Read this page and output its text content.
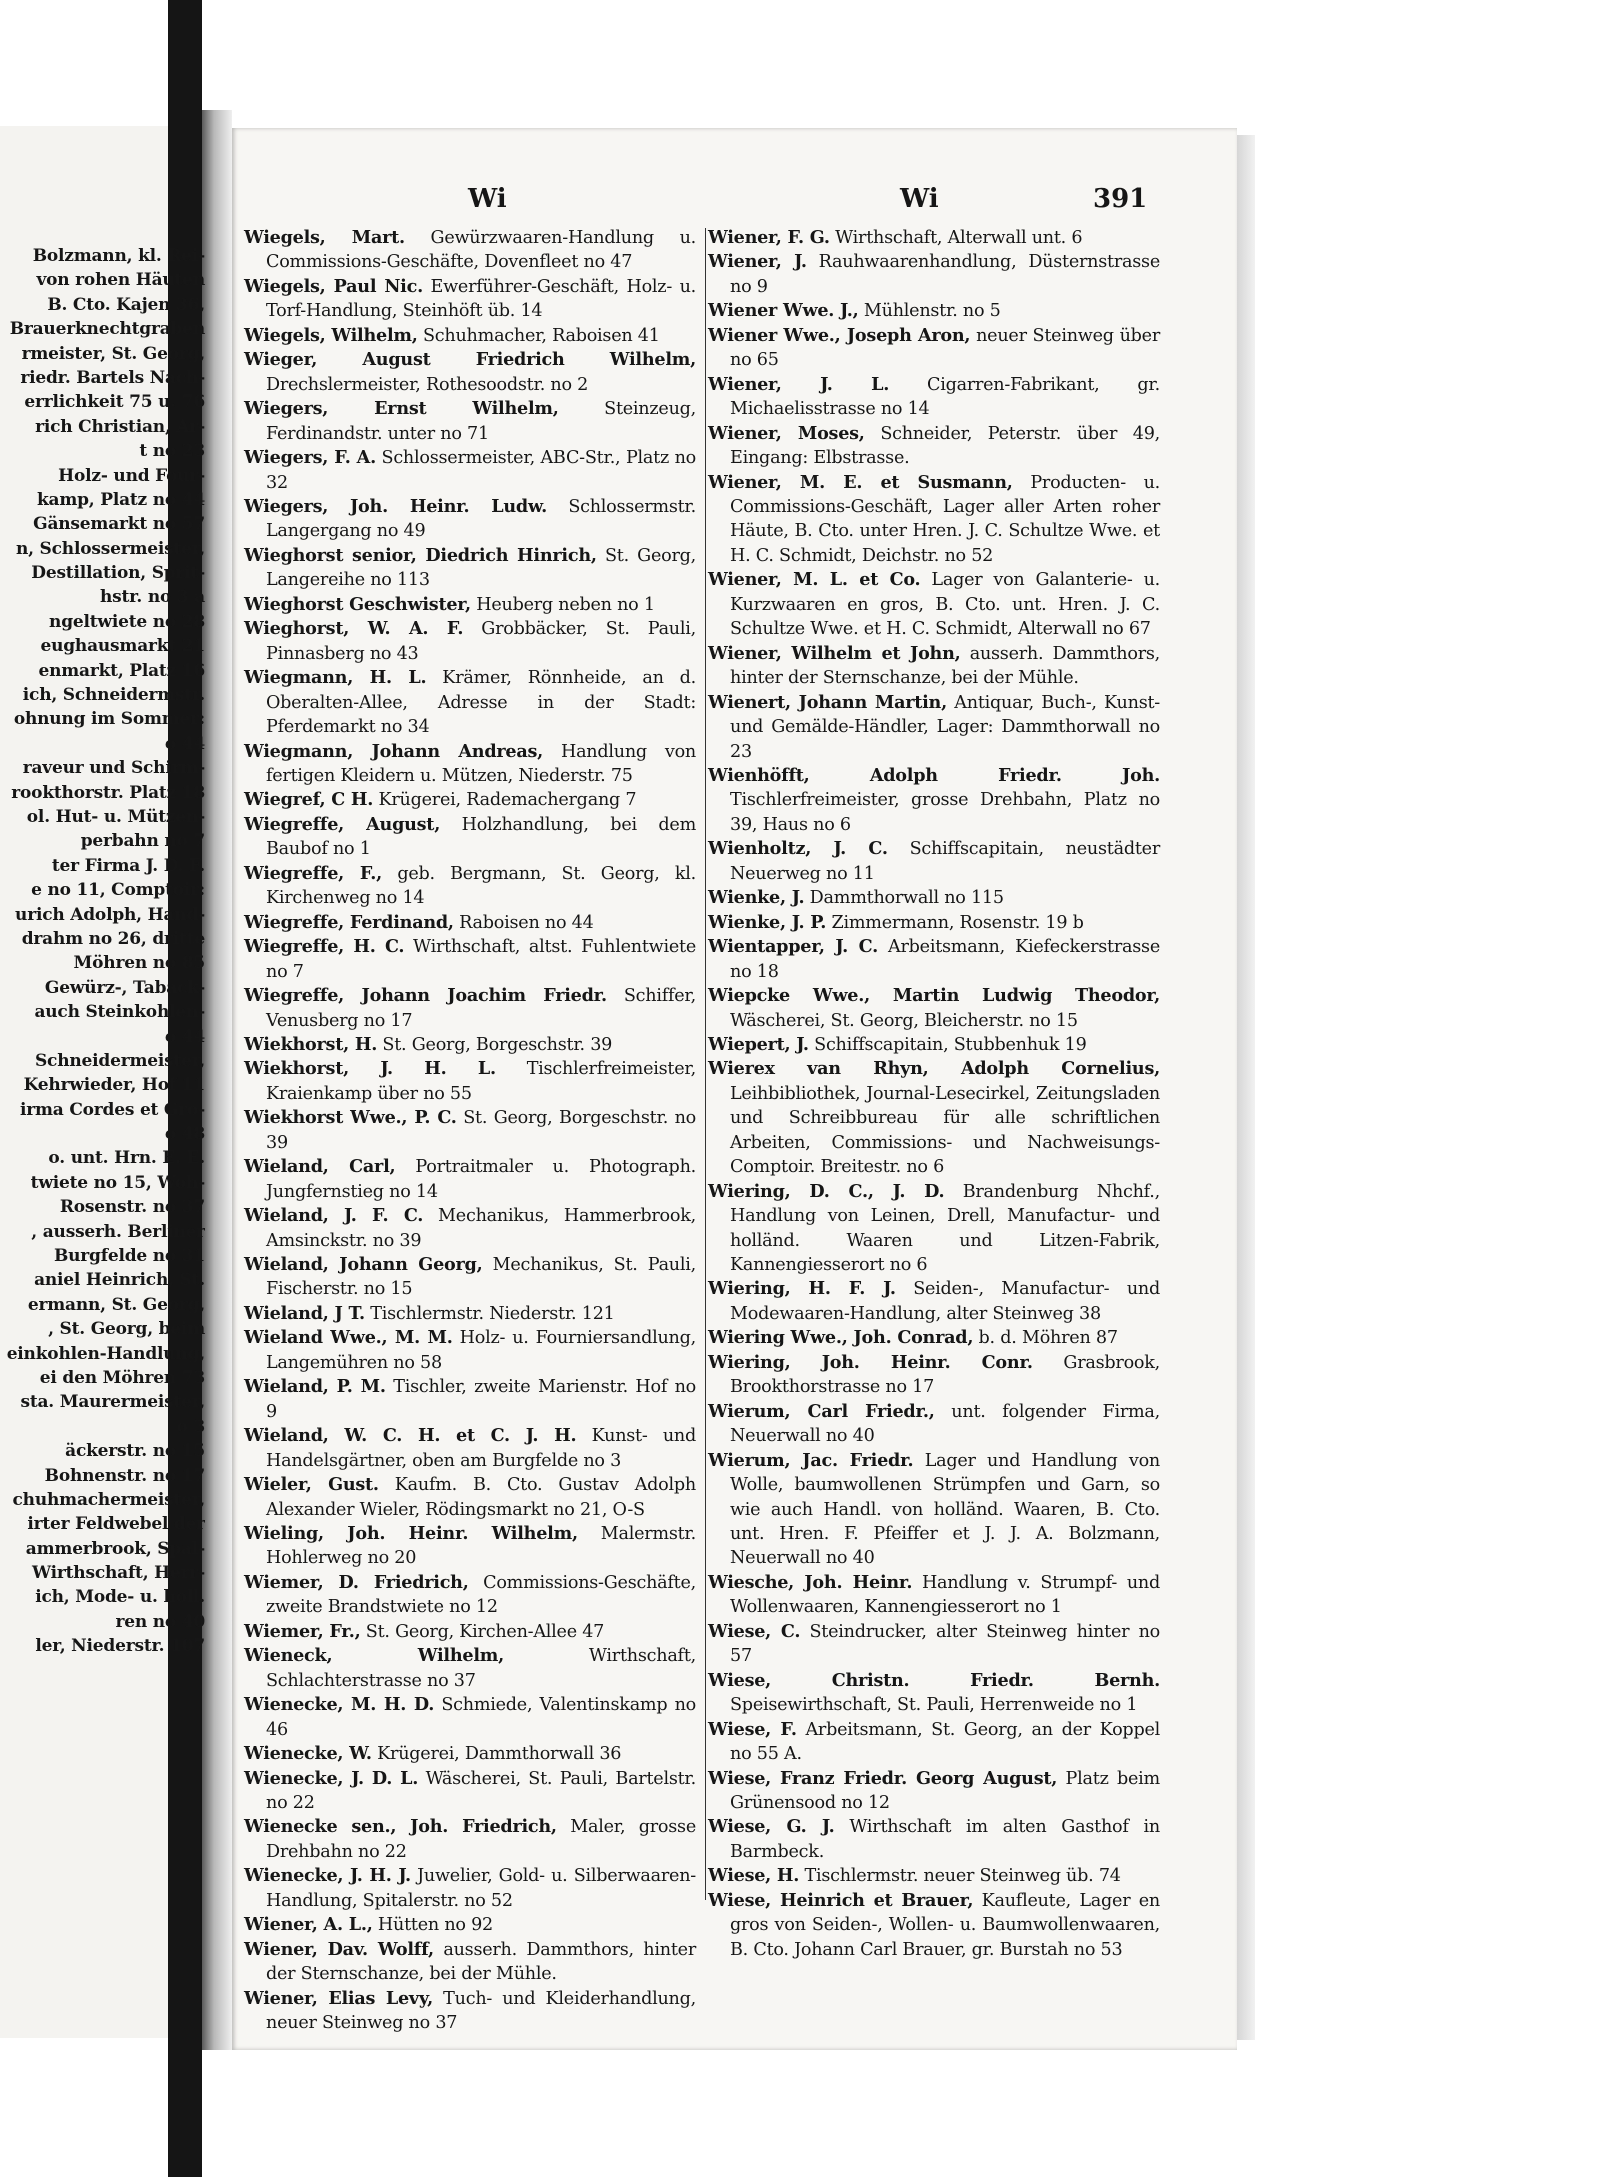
Bolzmann, kl. Rei-
von rohen Häuten
B. Cto. Kajen 36,
Brauerknechtgraben
rmeister, St. Georg,
riedr. Bartels Nach-
errlichkeit 75 u. 76
rich Christian, Ar-
t no 23
Holz- und Four-
kamp, Platz no 44
Gänsemarkt no 57
n, Schlossermeister,
Destillation, Sprit-
hstr. no 3 a
ngeltwiete no 28
eughausmarkt 21
enmarkt, Platz 16
ich, Schneidermstr.
ohnung im Sommer:
o 44
raveur und Schirm-
rookthorstr. Platz 18
ol. Hut- u. Mützen-
perbahn no 7
ter Firma J. D. F.
e no 11, Comptoir:
urich Adolph, Hand-
drahm no 26, dritte
Möhren no 85
Gewürz-, Taback-
auch Steinkohlen-
o 44
Schneidermeister,
Kehrwieder, Hof 11
irma Cordes et Gro-
o 48
o. unt. Hrn. E. E.
twiete no 15, Woh-
Rosenstr. no 37
, ausserh. Berliner
Burgfelde no 31
aniel Heinrich, St.
ermann, St. Georg,
, St. Georg, beim
einkohlen-Handlung,
ei den Möhren 73
sta. Maurermeister,
o 3
äckerstr. no 15
Bohnenstr. no 17
chuhmachermeister,
irter Feldwebel der
ammerbrook, Spal-
Wirthschaft, Herr-
ich, Mode- u. holl.
ren no 40
ler, Niederstr. 107
Wi	Wi	391
Wiegels, Mart. Gewürzwaaren-Handlung u. Commissions-Geschäfte, Dovenfleet no 47
Wiegels, Paul Nic. Ewerführer-Geschäft, Holz- u. Torf-Handlung, Steinhöft üb. 14
Wiegels, Wilhelm, Schuhmacher, Raboisen 41
Wieger, August Friedrich Wilhelm, Drechslermeister, Rothesoodstr. no 2
Wiegers, Ernst Wilhelm, Steinzeug, Ferdinandstr. unter no 71
Wiegers, F. A. Schlossermeister, ABC-Str., Platz no 32
Wiegers, Joh. Heinr. Ludw. Schlossermstr. Langergang no 49
Wieghorst senior, Diedrich Hinrich, St. Georg, Langereihe no 113
Wieghorst Geschwister, Heuberg neben no 1
Wieghorst, W. A. F. Grobbäcker, St. Pauli, Pinnasberg no 43
Wiegmann, H. L. Krämer, Rönnheide, an d. Oberalten-Allee, Adresse in der Stadt: Pferdemarkt no 34
Wiegmann, Johann Andreas, Handlung von fertigen Kleidern u. Mützen, Niederstr. 75
Wiegref, C H. Krügerei, Rademachergang 7
Wiegreffe, August, Holzhandlung, bei dem Baubof no 1
Wiegreffe, F., geb. Bergmann, St. Georg, kl. Kirchenweg no 14
Wiegreffe, Ferdinand, Raboisen no 44
Wiegreffe, H. C. Wirthschaft, altst. Fuhlentwiete no 7
Wiegreffe, Johann Joachim Friedr. Schiffer, Venusberg no 17
Wiekhorst, H. St. Georg, Borgeschstr. 39
Wiekhorst, J. H. L. Tischlerfreimeister, Kraienkamp über no 55
Wiekhorst Wwe., P. C. St. Georg, Borgeschstr. no 39
Wieland, Carl, Portraitmaler u. Photograph. Jungfernstieg no 14
Wieland, J. F. C. Mechanikus, Hammerbrook, Amsinckstr. no 39
Wieland, Johann Georg, Mechanikus, St. Pauli, Fischerstr. no 15
Wieland, J T. Tischlermstr. Niederstr. 121
Wieland Wwe., M. M. Holz- u. Fourniersandlung, Langemühren no 58
Wieland, P. M. Tischler, zweite Marienstr. Hof no 9
Wieland, W. C. H. et C. J. H. Kunst- und Handelsgärtner, oben am Burgfelde no 3
Wieler, Gust. Kaufm. B. Cto. Gustav Adolph Alexander Wieler, Rödingsmarkt no 21, O-S
Wieling, Joh. Heinr. Wilhelm, Malermstr. Hohlerweg no 20
Wiemer, D. Friedrich, Commissions-Geschäfte, zweite Brandstwiete no 12
Wiemer, Fr., St. Georg, Kirchen-Allee 47
Wieneck, Wilhelm, Wirthschaft, Schlachterstrasse no 37
Wienecke, M. H. D. Schmiede, Valentinskamp no 46
Wienecke, W. Krügerei, Dammthorwall 36
Wienecke, J. D. L. Wäscherei, St. Pauli, Bartelstr. no 22
Wienecke sen., Joh. Friedrich, Maler, grosse Drehbahn no 22
Wienecke, J. H. J. Juwelier, Gold- u. Silberwaaren-Handlung, Spitalerstr. no 52
Wiener, A. L., Hütten no 92
Wiener, Dav. Wolff, ausserh. Dammthors, hinter der Sternschanze, bei der Mühle.
Wiener, Elias Levy, Tuch- und Kleiderhandlung, neuer Steinweg no 37
Wiener, F. G. Wirthschaft, Alterwall unt. 6
Wiener, J. Rauhwaarenhandlung, Düsternstrasse no 9
Wiener Wwe. J., Mühlenstr. no 5
Wiener Wwe., Joseph Aron, neuer Steinweg über no 65
Wiener, J. L. Cigarren-Fabrikant, gr. Michaelisstrasse no 14
Wiener, Moses, Schneider, Peterstr. über 49, Eingang: Elbstrasse.
Wiener, M. E. et Susmann, Producten- u. Commissions-Geschäft, Lager aller Arten roher Häute, B. Cto. unter Hren. J. C. Schultze Wwe. et H. C. Schmidt, Deichstr. no 52
Wiener, M. L. et Co. Lager von Galanterie- u. Kurzwaaren en gros, B. Cto. unt. Hren. J. C. Schultze Wwe. et H. C. Schmidt, Alterwall no 67
Wiener, Wilhelm et John, ausserh. Dammthors, hinter der Sternschanze, bei der Mühle.
Wienert, Johann Martin, Antiquar, Buch-, Kunst- und Gemälde-Händler, Lager: Dammthorwall no 23
Wienhöfft, Adolph Friedr. Joh. Tischlerfreimeister, grosse Drehbahn, Platz no 39, Haus no 6
Wienholtz, J. C. Schiffscapitain, neustädter Neuerweg no 11
Wienke, J. Dammthorwall no 115
Wienke, J. P. Zimmermann, Rosenstr. 19 b
Wientapper, J. C. Arbeitsmann, Kiefeckerstrasse no 18
Wiepcke Wwe., Martin Ludwig Theodor, Wäscherei, St. Georg, Bleicherstr. no 15
Wiepert, J. Schiffscapitain, Stubbenhuk 19
Wierex van Rhyn, Adolph Cornelius, Leihbibliothek, Journal-Lesecirkel, Zeitungsladen und Schreibbureau für alle schriftlichen Arbeiten, Commissions- und Nachweisungs-Comptoir. Breitestr. no 6
Wiering, D. C., J. D. Brandenburg Nhchf., Handlung von Leinen, Drell, Manufactur- und holländ. Waaren und Litzen-Fabrik, Kannengiesserort no 6
Wiering, H. F. J. Seiden-, Manufactur- und Modewaaren-Handlung, alter Steinweg 38
Wiering Wwe., Joh. Conrad, b. d. Möhren 87
Wiering, Joh. Heinr. Conr. Grasbrook, Brookthorstrasse no 17
Wierum, Carl Friedr., unt. folgender Firma, Neuerwall no 40
Wierum, Jac. Friedr. Lager und Handlung von Wolle, baumwollenen Strümpfen und Garn, so wie auch Handl. von holländ. Waaren, B. Cto. unt. Hren. F. Pfeiffer et J. J. A. Bolzmann, Neuerwall no 40
Wiesche, Joh. Heinr. Handlung v. Strumpf- und Wollenwaaren, Kannengiesserort no 1
Wiese, C. Steindrucker, alter Steinweg hinter no 57
Wiese, Christn. Friedr. Bernh. Speisewirthschaft, St. Pauli, Herrenweide no 1
Wiese, F. Arbeitsmann, St. Georg, an der Koppel no 55 A.
Wiese, Franz Friedr. Georg August, Platz beim Grünensood no 12
Wiese, G. J. Wirthschaft im alten Gasthof in Barmbeck.
Wiese, H. Tischlermstr. neuer Steinweg üb. 74
Wiese, Heinrich et Brauer, Kaufleute, Lager en gros von Seiden-, Wollen- u. Baumwollenwaaren, B. Cto. Johann Carl Brauer, gr. Burstah no 53
